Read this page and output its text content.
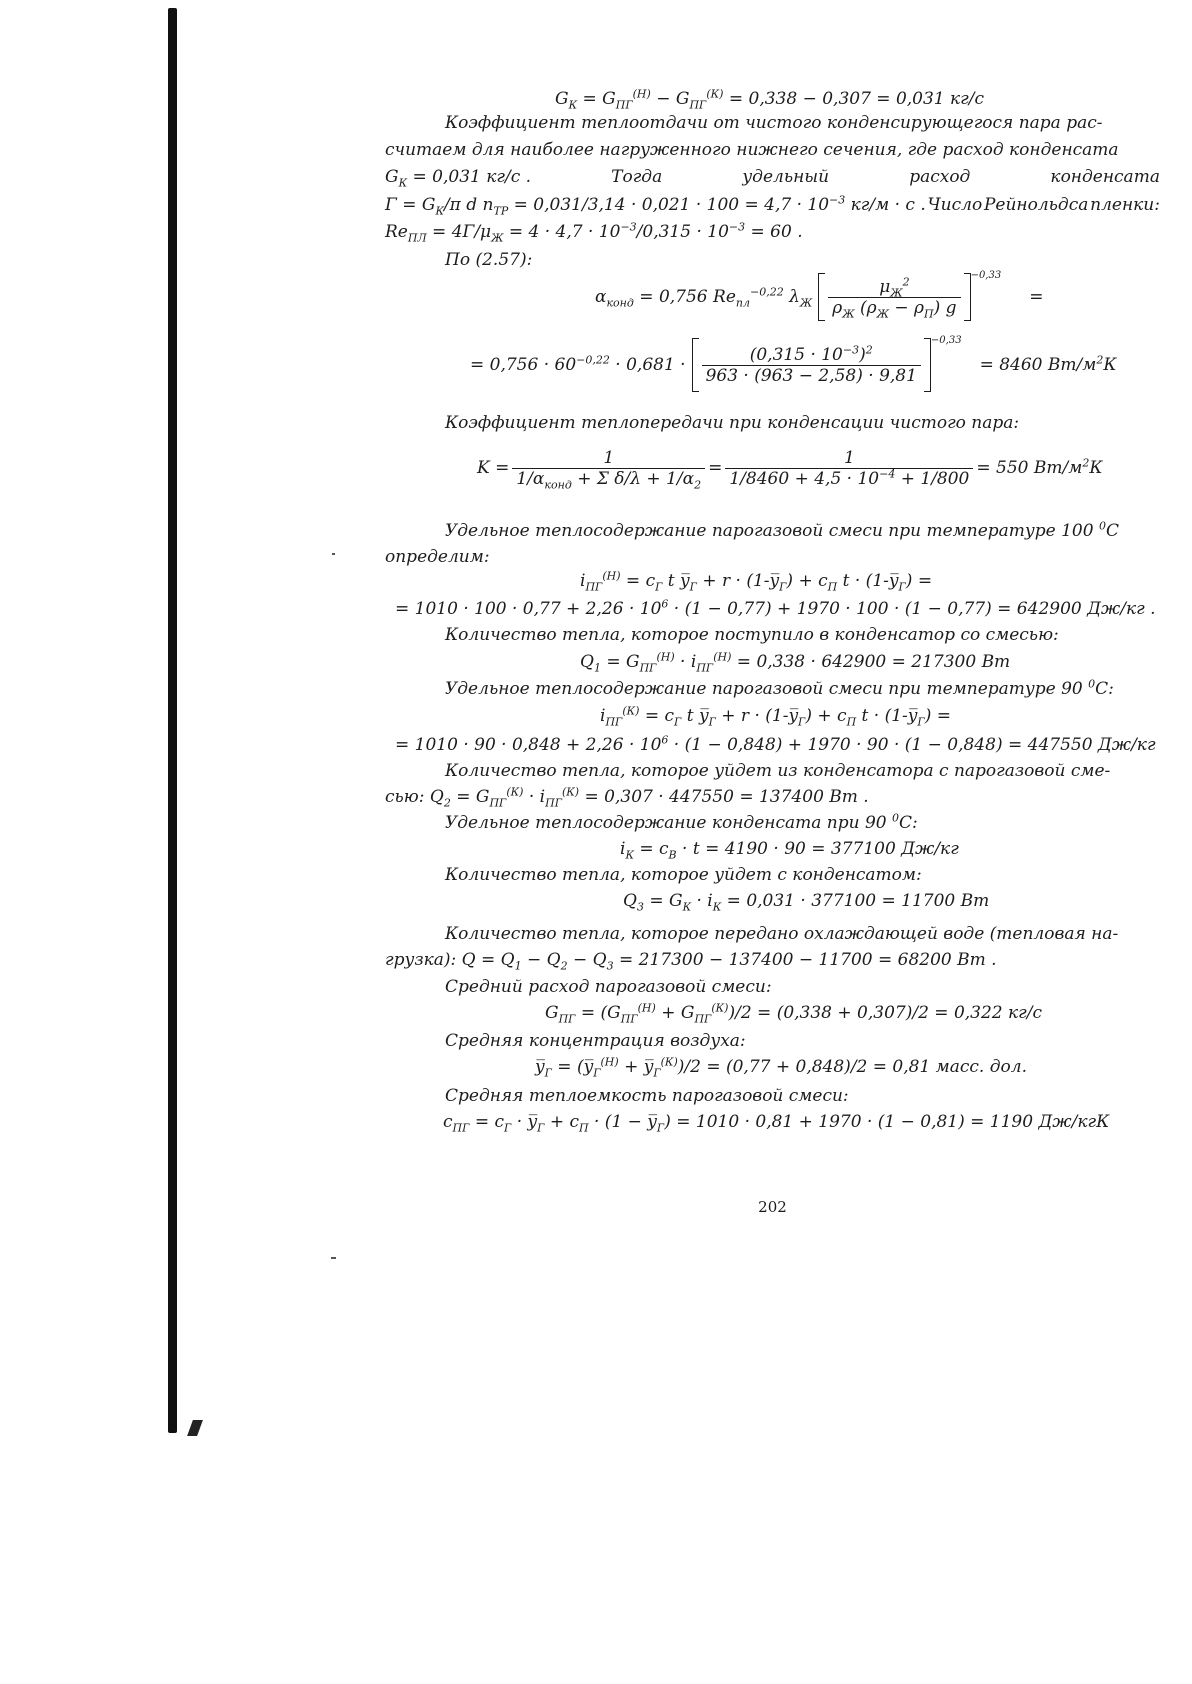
$G_К = G_{ПГ}^{(Н)} - G_{ПГ}^{(К)} = 0,338 - 0,307 = 0,031$ кг/с
Коэффициент теплоотдачи от чистого конденсирующегося пара рас-
считаем для наиболее нагруженного нижнего сечения, где расход конденсата
$G_К = 0,031$ кг/с .	Тогда	удельный	расход	конденсата
$\Gamma = G_К/\pi$ d $n_{ТР} = 0,031/3,14 \cdot 0,021 \cdot 100 = 4,7 \cdot 10^{-3}$ кг/м · с . Число Рейнольдса пленки:
$Re_{ПЛ} = 4\Gamma/\mu_Ж = 4 \cdot 4,7 \cdot 10^{-3}/0,315 \cdot 10^{-3} = 60$ .
По (2.57):
$\alpha_{конд} = 0,756$ $Re_{пл}^{-0,22}$ $\lambda_Ж \frac{\mu_Ж^2}{\rho_Ж (\rho_Ж - \rho_П) g}$
−0,33
=
= $0,756 \cdot 60^{-0,22} \cdot 0,681 \cdot \frac{(0,315 \cdot 10^{-3})^2}{963 \cdot (963 - 2,58) \cdot 9,81}$
−0,33
= 8460 $Вт/м^2К$
Коэффициент теплопередачи при конденсации чистого пара:
$K = \frac{1}{1/\alpha_{конд} + \Sigma \delta/\lambda + 1/\alpha_2} = \frac{1}{1/8460 + 4,5 \cdot 10^{-4} + 1/800} = 550$ $Вт/м^2К$
Удельное теплосодержание парогазовой смеси при температуре 100 $^0$С
определим:
$i_{ПГ}^{(Н)} = c_Г$ t $y̅_Г + r$ · $(1-y̅_Г) + c_П$ $t \cdot (1-y̅_Г)$ =
= $1010 \cdot 100 \cdot 0,77 + 2,26 \cdot 10^6 \cdot (1 - 0,77) + 1970 \cdot 100 \cdot (1 - 0,77) = 642900$ Дж/кг .
Количество тепла, которое поступило в конденсатор со смесью:
$Q_1 = G_{ПГ}^{(Н)} \cdot i_{ПГ}^{(Н)} = 0,338 \cdot 642900 = 217300$ Вт
Удельное теплосодержание парогазовой смеси при температуре 90 $^0$С:
$i_{ПГ}^{(К)} = c_Г$ t $y̅_Г + r$ · $(1-y̅_Г) + c_П$ $t \cdot (1-y̅_Г)$ =
= $1010 \cdot 90 \cdot 0,848 + 2,26 \cdot 10^6 \cdot (1 - 0,848) + 1970 \cdot 90 \cdot (1 - 0,848) = 447550$ Дж/кг
Количество тепла, которое уйдет из конденсатора с парогазовой сме-
сью: $Q_2 = G_{ПГ}^{(К)} \cdot i_{ПГ}^{(К)} = 0,307 \cdot 447550 = 137400$ Вт .
Удельное теплосодержание конденсата при 90 $^0$С:
$i_К = c_В \cdot t = 4190 \cdot 90 = 377100$ Дж/кг
Количество тепла, которое уйдет с конденсатом:
$Q_3 = G_К \cdot i_К = 0,031 \cdot 377100 = 11700$ Вт
Количество тепла, которое передано охлаждающей воде (тепловая на-
грузка): $Q = Q_1 - Q_2 - Q_3 = 217300 - 137400 - 11700 = 68200$ Вт .
Средний расход парогазовой смеси:
$G_{ПГ} = (G_{ПГ}^{(Н)} + G_{ПГ}^{(К)})/2 = (0,338 + 0,307)/2 = 0,322$ кг/с
Средняя концентрация воздуха:
$y̅_Г$ = ($y̅_Г^{(Н)}$ + $y̅_Г^{(К)})/2 = (0,77 + 0,848)/2 = 0,81$ масс. дол.
Средняя теплоемкость парогазовой смеси:
$c_{ПГ} = c_Г$ · $y̅_Г + c_П \cdot (1$ − $y̅_Г) = 1010 \cdot 0,81 + 1970 \cdot (1 - 0,81) = 1190$ Дж/кгК
202
